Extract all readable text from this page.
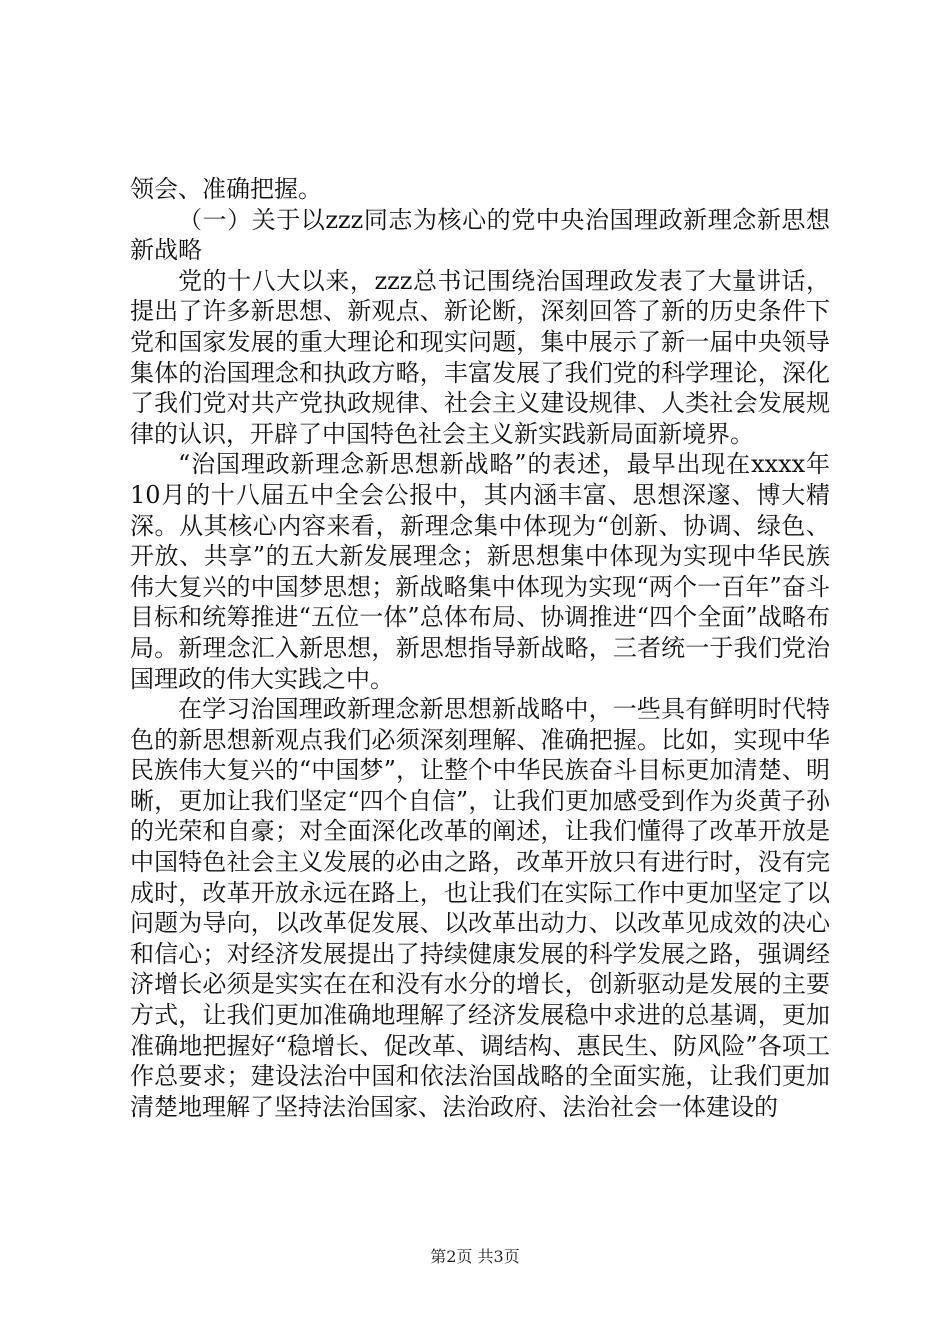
领会、准确把握。

（一）关于以zzz同志为核心的党中央治国理政新理念新思想新战略

党的十八大以来，zzz总书记围绕治国理政发表了大量讲话，提出了许多新思想、新观点、新论断，深刻回答了新的历史条件下党和国家发展的重大理论和现实问题，集中展示了新一届中央领导集体的治国理念和执政方略，丰富发展了我们党的科学理论，深化了我们党对共产党执政规律、社会主义建设规律、人类社会发展规律的认识，开辟了中国特色社会主义新实践新局面新境界。

“治国理政新理念新思想新战略”的表述，最早出现在xxxx年10月的十八届五中全会公报中，其内涵丰富、思想深邃、博大精深。从其核心内容来看，新理念集中体现为“创新、协调、绿色、开放、共享”的五大新发展理念；新思想集中体现为实现中华民族伟大复兴的中国梦思想；新战略集中体现为实现“两个一百年”奋斗目标和统筹推进“五位一体”总体布局、协调推进“四个全面”战略布局。新理念汇入新思想，新思想指导新战略，三者统一于我们党治国理政的伟大实践之中。

在学习治国理政新理念新思想新战略中，一些具有鲜明时代特色的新思想新观点我们必须深刻理解、准确把握。比如，实现中华民族伟大复兴的“中国梦”，让整个中华民族奋斗目标更加清楚、明晰，更加让我们坚定“四个自信”，让我们更加感受到作为炎黄子孙的光荣和自豪；对全面深化改革的阐述，让我们懂得了改革开放是中国特色社会主义发展的必由之路，改革开放只有进行时，没有完成时，改革开放永远在路上，也让我们在实际工作中更加坚定了以问题为导向，以改革促发展、以改革出动力、以改革见成效的决心和信心；对经济发展提出了持续健康发展的科学发展之路，强调经济增长必须是实实在在和没有水分的增长，创新驱动是发展的主要方式，让我们更加准确地理解了经济发展稳中求进的总基调，更加准确地把握好“稳增长、促改革、调结构、惠民生、防风险”各项工作总要求；建设法治中国和依法治国战略的全面实施，让我们更加清楚地理解了坚持法治国家、法治政府、法治社会一体建设的

第2页 共3页
